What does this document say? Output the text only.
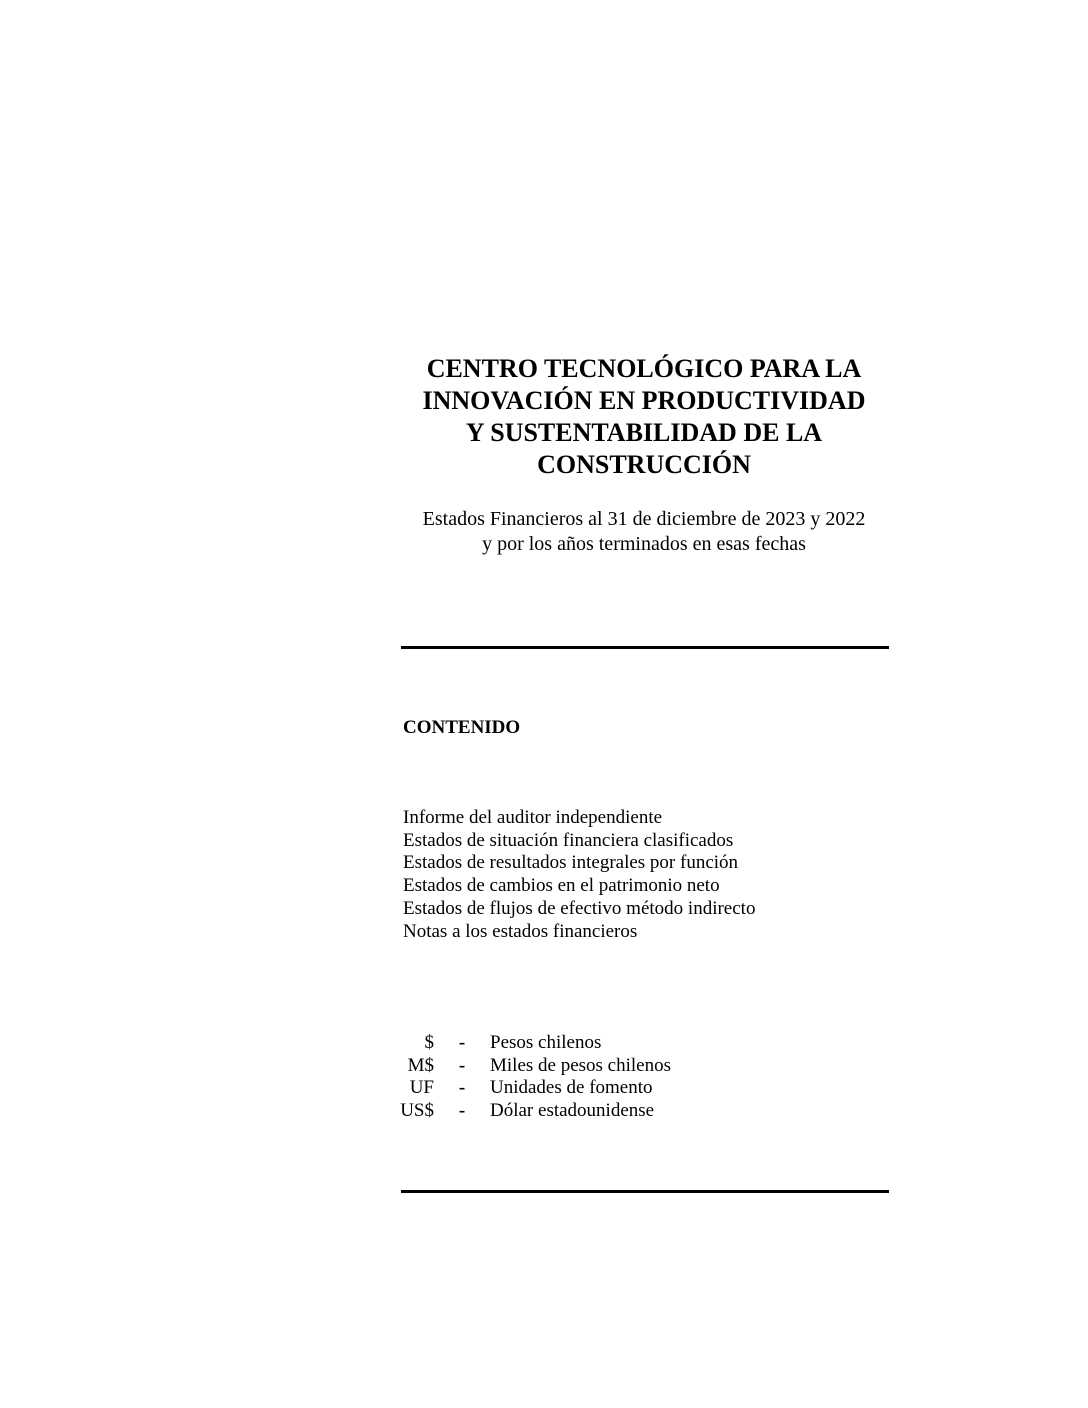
CENTRO TECNOLÓGICO PARA LA
INNOVACIÓN EN PRODUCTIVIDAD
Y SUSTENTABILIDAD DE LA
CONSTRUCCIÓN
Estados Financieros al 31 de diciembre de 2023 y 2022
y por los años terminados en esas fechas
CONTENIDO
Informe del auditor independiente
Estados de situación financiera clasificados
Estados de resultados integrales por función
Estados de cambios en el patrimonio neto
Estados de flujos de efectivo método indirecto
Notas a los estados financieros
$	-	Pesos chilenos
M$	-	Miles de pesos chilenos
UF	-	Unidades de fomento
US$	-	Dólar estadounidense
